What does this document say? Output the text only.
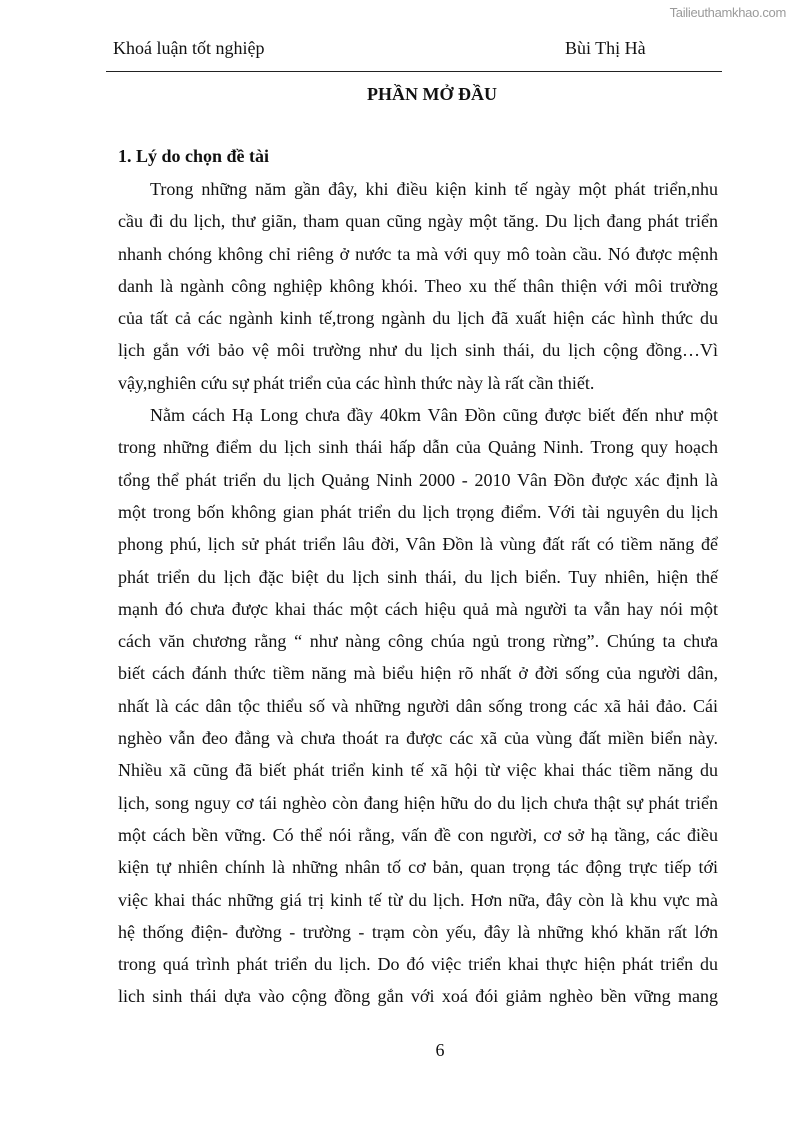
Tailieuthamkhao.com
Khoá luận tốt nghiệp	Bùi Thị Hà
PHẦN MỞ ĐẦU
1. Lý do chọn đề tài
Trong những năm gần đây, khi điều kiện kinh tế ngày một phát triển,nhu
cầu đi du lịch, thư giãn, tham quan cũng ngày một tăng. Du lịch đang phát triển
nhanh chóng không chỉ riêng ở nước ta mà với quy mô toàn cầu. Nó được mệnh
danh là ngành công nghiệp không khói. Theo xu thế thân thiện với môi trường
của tất cả các ngành kinh tế,trong ngành du lịch đã xuất hiện các hình thức du
lịch gắn với bảo vệ môi trường như du lịch sinh thái, du lịch cộng đồng…Vì
vậy,nghiên cứu sự phát triển của các hình thức này là rất cần thiết.
Nằm cách Hạ Long chưa đầy 40km Vân Đồn cũng được biết đến như một
trong những điểm du lịch sinh thái hấp dẫn của Quảng Ninh. Trong quy hoạch
tổng thể phát triển du lịch Quảng Ninh 2000 - 2010 Vân Đồn được xác định là
một trong bốn không gian phát triển du lịch trọng điểm. Với tài nguyên du lịch
phong phú, lịch sử phát triển lâu đời, Vân Đồn là vùng đất rất có tiềm năng để
phát triển du lịch đặc biệt du lịch sinh thái, du lịch biển. Tuy nhiên, hiện thế
mạnh đó chưa được khai thác một cách hiệu quả mà người ta vẫn hay nói một
cách văn chương rằng “ như nàng công chúa ngủ trong rừng”. Chúng ta chưa
biết cách đánh thức tiềm năng mà biểu hiện rõ nhất ở đời sống của người dân,
nhất là các dân tộc thiểu số và những người dân sống trong các xã hải đảo. Cái
nghèo vẫn đeo đẳng và chưa thoát ra được các xã của vùng đất miền biển này.
Nhiều xã cũng đã biết phát triển kinh tế xã hội từ việc khai thác tiềm năng du
lịch, song nguy cơ tái nghèo còn đang hiện hữu do du lịch chưa thật sự phát triển
một cách bền vững. Có thể nói rằng, vấn đề con người, cơ sở hạ tầng, các điều
kiện tự nhiên chính là những nhân tố cơ bản, quan trọng tác động trực tiếp tới
việc khai thác những giá trị kinh tế từ du lịch. Hơn nữa, đây còn là khu vực mà
hệ thống điện- đường - trường - trạm còn yếu, đây là những khó khăn rất lớn
trong quá trình phát triển du lịch. Do đó việc triển khai thực hiện phát triển du
lich sinh thái dựa vào cộng đồng gắn với xoá đói giảm nghèo bền vững mang
6
